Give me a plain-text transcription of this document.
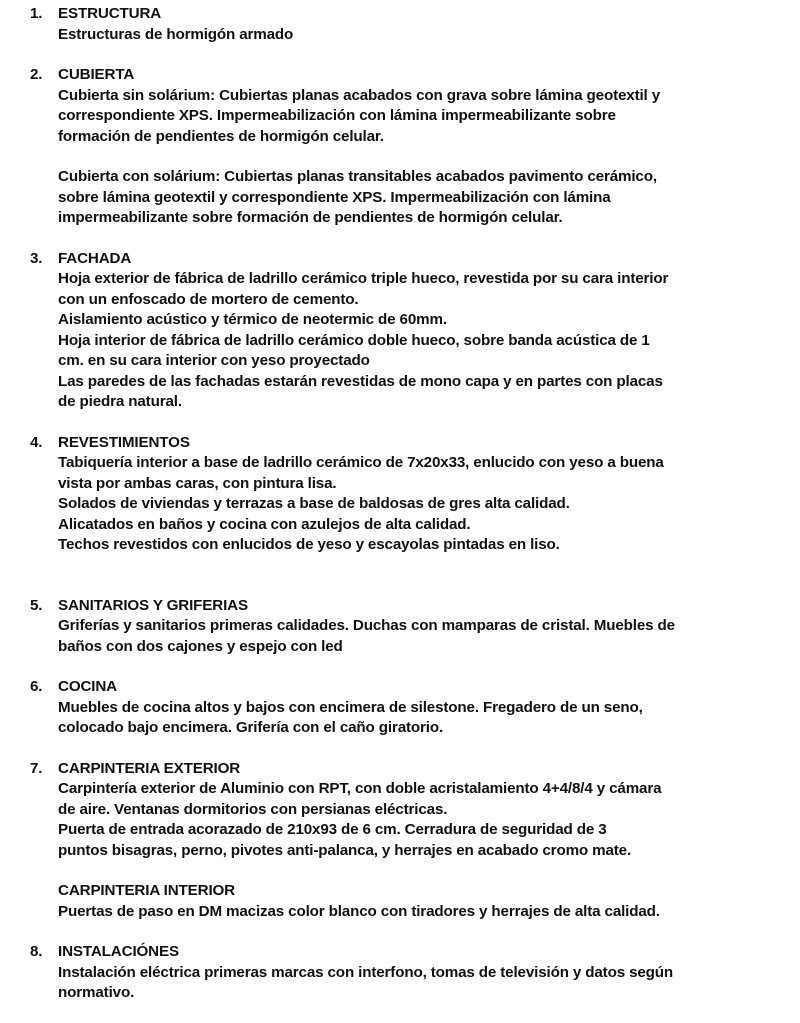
1.	ESTRUCTURA

Estructuras de hormigón armado

2.	CUBIERTA

Cubierta sin solárium: Cubiertas planas acabados con grava sobre lámina geotextil y

correspondiente XPS. Impermeabilización con lámina impermeabilizante sobre

formación de pendientes de hormigón celular.

Cubierta con solárium: Cubiertas planas transitables acabados pavimento cerámico,

sobre lámina geotextil y correspondiente XPS. Impermeabilización con lámina

impermeabilizante sobre formación de pendientes de hormigón celular.

3.	FACHADA

Hoja exterior de fábrica de ladrillo cerámico triple hueco, revestida por su cara interior

con un enfoscado de mortero de cemento.

Aislamiento acústico y térmico de neotermic de 60mm.

Hoja interior de fábrica de ladrillo cerámico doble hueco, sobre banda acústica de 1

cm. en su cara interior con yeso proyectado

Las paredes de las fachadas estarán revestidas de mono capa y en partes con placas

de piedra natural.

4.	REVESTIMIENTOS

Tabiquería interior a base de ladrillo cerámico de 7x20x33, enlucido con yeso a buena

vista por ambas caras, con pintura lisa.

Solados de viviendas y terrazas a base de baldosas de gres alta calidad.

Alicatados en baños y cocina con azulejos de alta calidad.

Techos revestidos con enlucidos de yeso y escayolas pintadas en liso.

5.	SANITARIOS Y GRIFERIAS

Griferías y sanitarios primeras calidades. Duchas con mamparas de cristal. Muebles de

baños con dos cajones y espejo con led

6.	COCINA

Muebles de cocina altos y bajos con encimera de silestone. Fregadero de un seno,

colocado bajo encimera. Grifería con el caño giratorio.

7.	CARPINTERIA EXTERIOR

Carpintería exterior de Aluminio con RPT, con doble acristalamiento 4+4/8/4 y cámara

de aire. Ventanas dormitorios con persianas eléctricas.

Puerta de entrada acorazado de 210x93 de 6 cm. Cerradura de seguridad de 3

puntos bisagras, perno, pivotes anti-palanca, y herrajes en acabado cromo mate.

CARPINTERIA INTERIOR

Puertas de paso en DM macizas color blanco con tiradores y herrajes de alta calidad.

8.	INSTALACIÓNES

Instalación eléctrica primeras marcas con interfono, tomas de televisión y datos según

normativo.
